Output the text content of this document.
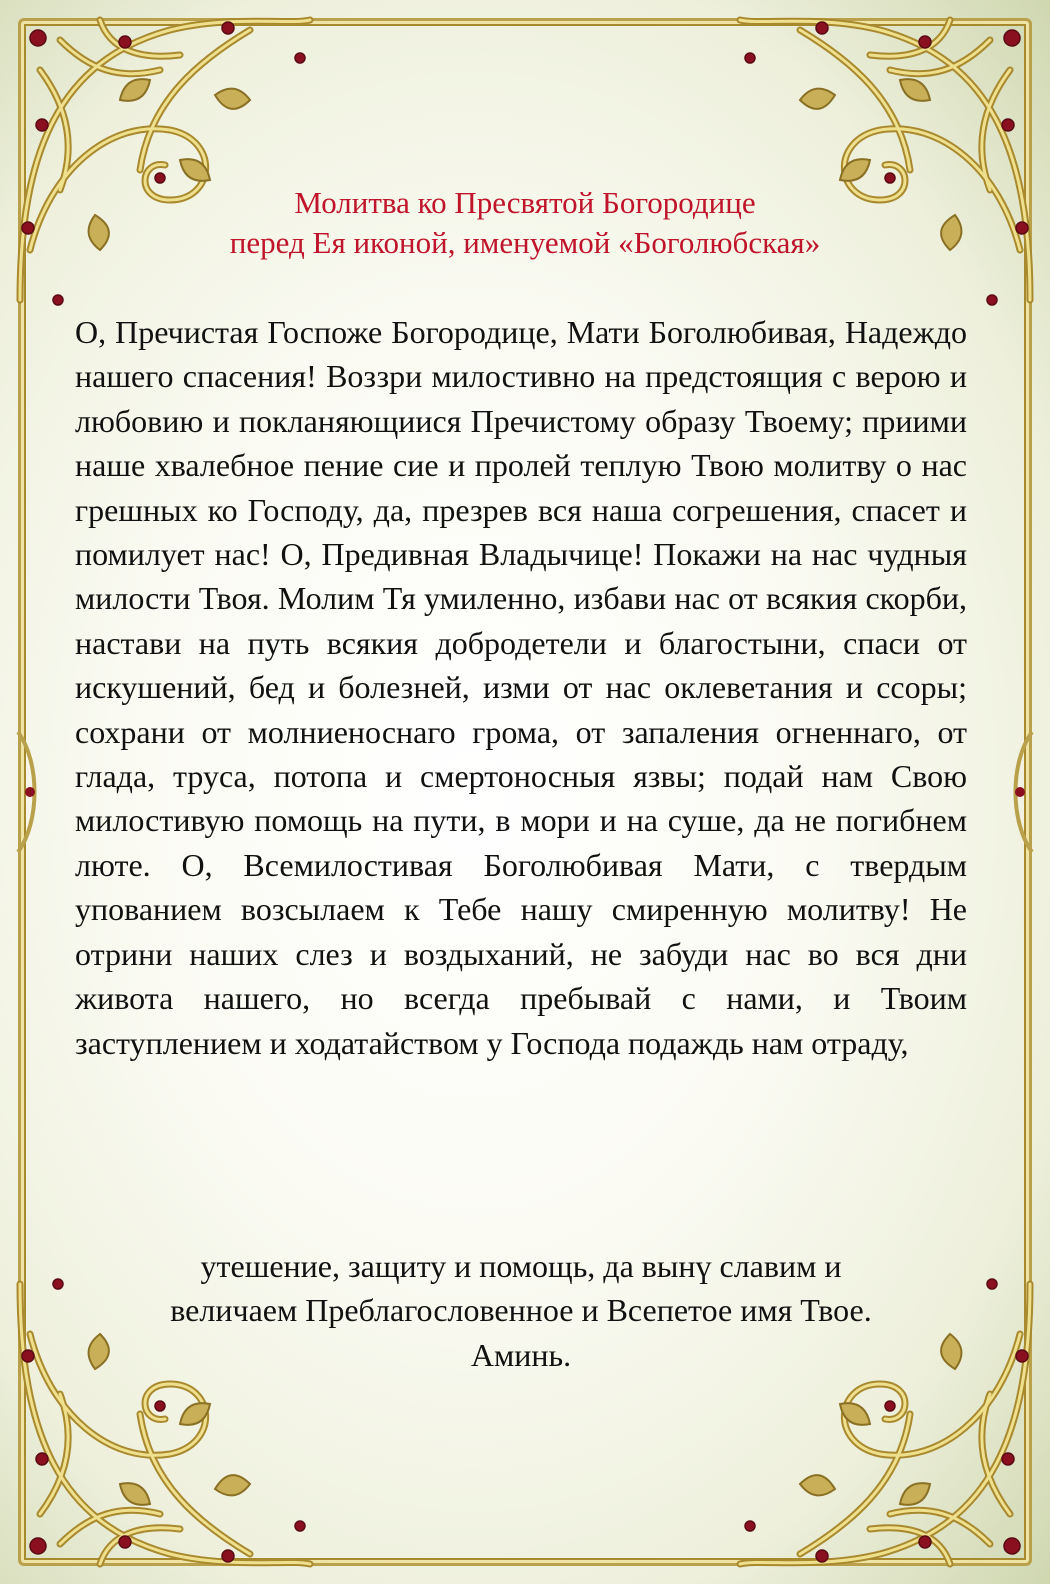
Молитва ко Пресвятой Богородице
перед Ея иконой, именуемой «Боголюбская»
О, Пречистая Госпоже Богородице, Мати Боголюбивая, Надеждо нашего спасения! Воззри милостивно на предстоящия с верою и любовию и покланяющиися Пречистому образу Твоему; приими наше хвалебное пение сие и пролей теплую Твою молитву о нас грешных ко Господу, да, презрев вся наша согрешения, спасет и помилует нас! О, Предивная Владычице! Покажи на нас чудныя милости Твоя. Молим Тя умиленно, избави нас от всякия скорби, настави на путь всякия добродетели и благостыни, спаси от искушений, бед и болезней, изми от нас оклеветания и ссоры; сохрани от молниеноснаго грома, от запаления огненнаго, от глада, труса, потопа и смертоносныя язвы; подай нам Свою милостивую помощь на пути, в мори и на суше, да не погибнем люте. О, Всемилостивая Боголюбивая Мати, с твердым упованием возсылаем к Тебе нашу смиренную молитву! Не отрини наших слез и воздыханий, не забуди нас во вся дни живота нашего, но всегда пребывай с нами, и Твоим заступлением и ходатайством у Господа подаждь нам отраду,
утешение, защиту и помощь, да вынү славим и
величаем Преблагословенное и Всепетое имя Твое.
Аминь.
